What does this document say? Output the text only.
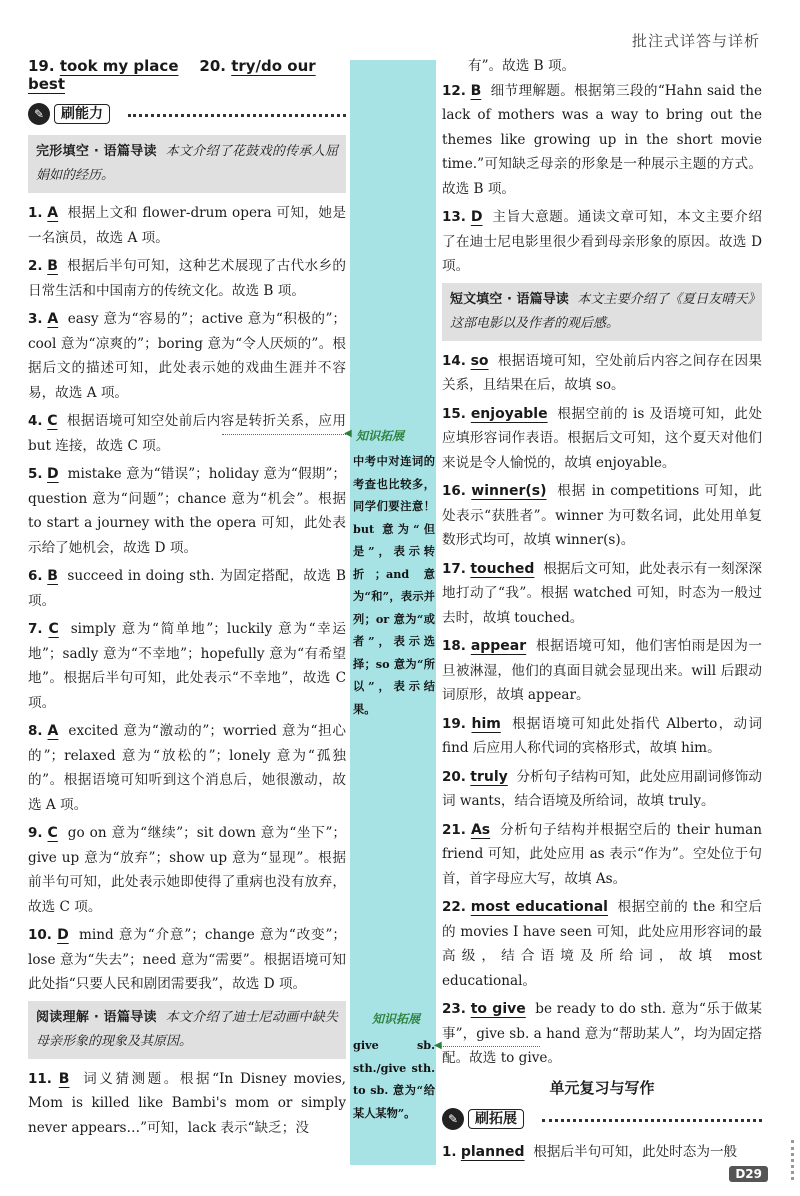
批注式详答与详析
19. took my place 20. try/do our best
✎	刷能力
完形填空 · 语篇导读 本文介绍了花鼓戏的传承人屈娟如的经历。
1. A 根据上文和 flower-drum opera 可知，她是一名演员，故选 A 项。
2. B 根据后半句可知，这种艺术展现了古代水乡的日常生活和中国南方的传统文化。故选 B 项。
3. A easy 意为“容易的”；active 意为“积极的”；cool 意为“凉爽的”；boring 意为“令人厌烦的”。根据后文的描述可知，此处表示她的戏曲生涯并不容易，故选 A 项。
4. C 根据语境可知空处前后内容是转折关系，应用 but 连接，故选 C 项。
5. D mistake 意为“错误”；holiday 意为“假期”；question 意为“问题”；chance 意为“机会”。根据 to start a journey with the opera 可知，此处表示给了她机会，故选 D 项。
6. B succeed in doing sth. 为固定搭配，故选 B 项。
7. C simply 意为“简单地”；luckily 意为“幸运地”；sadly 意为“不幸地”；hopefully 意为“有希望地”。根据后半句可知，此处表示“不幸地”，故选 C 项。
8. A excited 意为“激动的”；worried 意为“担心的”；relaxed 意为“放松的”；lonely 意为“孤独的”。根据语境可知听到这个消息后，她很激动，故选 A 项。
9. C go on 意为“继续”；sit down 意为“坐下”；give up 意为“放弃”；show up 意为“显现”。根据前半句可知，此处表示她即使得了重病也没有放弃，故选 C 项。
10. D mind 意为“介意”；change 意为“改变”；lose 意为“失去”；need 意为“需要”。根据语境可知此处指“只要人民和剧团需要我”，故选 D 项。
阅读理解 · 语篇导读 本文介绍了迪士尼动画中缺失母亲形象的现象及其原因。
11. B 词义猜测题。根据“In Disney movies, Mom is killed like Bambi's mom or simply never appears…”可知，lack 表示“缺乏；没
◀ 知识拓展
中考中对连词的考查也比较多，同学们要注意！but 意为“但是”，表示转折；and 意为“和”，表示并列；or 意为“或者”，表示选择；so 意为“所以”，表示结果。
知识拓展
give sb. sth./give sth. to sb. 意为“给某人某物”。
◀
有”。故选 B 项。
12. B 细节理解题。根据第三段的“Hahn said the lack of mothers was a way to bring out the themes like growing up in the short movie time.”可知缺乏母亲的形象是一种展示主题的方式。故选 B 项。
13. D 主旨大意题。通读文章可知，本文主要介绍了在迪士尼电影里很少看到母亲形象的原因。故选 D 项。
短文填空 · 语篇导读 本文主要介绍了《夏日友晴天》这部电影以及作者的观后感。
14. so 根据语境可知，空处前后内容之间存在因果关系，且结果在后，故填 so。
15. enjoyable 根据空前的 is 及语境可知，此处应填形容词作表语。根据后文可知，这个夏天对他们来说是令人愉悦的，故填 enjoyable。
16. winner(s) 根据 in competitions 可知，此处表示“获胜者”。winner 为可数名词，此处用单复数形式均可，故填 winner(s)。
17. touched 根据后文可知，此处表示有一刻深深地打动了“我”。根据 watched 可知，时态为一般过去时，故填 touched。
18. appear 根据语境可知，他们害怕雨是因为一旦被淋湿，他们的真面目就会显现出来。will 后跟动词原形，故填 appear。
19. him 根据语境可知此处指代 Alberto，动词 find 后应用人称代词的宾格形式，故填 him。
20. truly 分析句子结构可知，此处应用副词修饰动词 wants，结合语境及所给词，故填 truly。
21. As 分析句子结构并根据空后的 their human friend 可知，此处应用 as 表示“作为”。空处位于句首，首字母应大写，故填 As。
22. most educational 根据空前的 the 和空后的 movies I have seen 可知，此处应用形容词的最高级，结合语境及所给词，故填 most educational。
23. to give be ready to do sth. 意为“乐于做某事”，give sb. a hand 意为“帮助某人”，均为固定搭配。故选 to give。
单元复习与写作
✎	刷拓展
1. planned 根据后半句可知，此处时态为一般
D29
